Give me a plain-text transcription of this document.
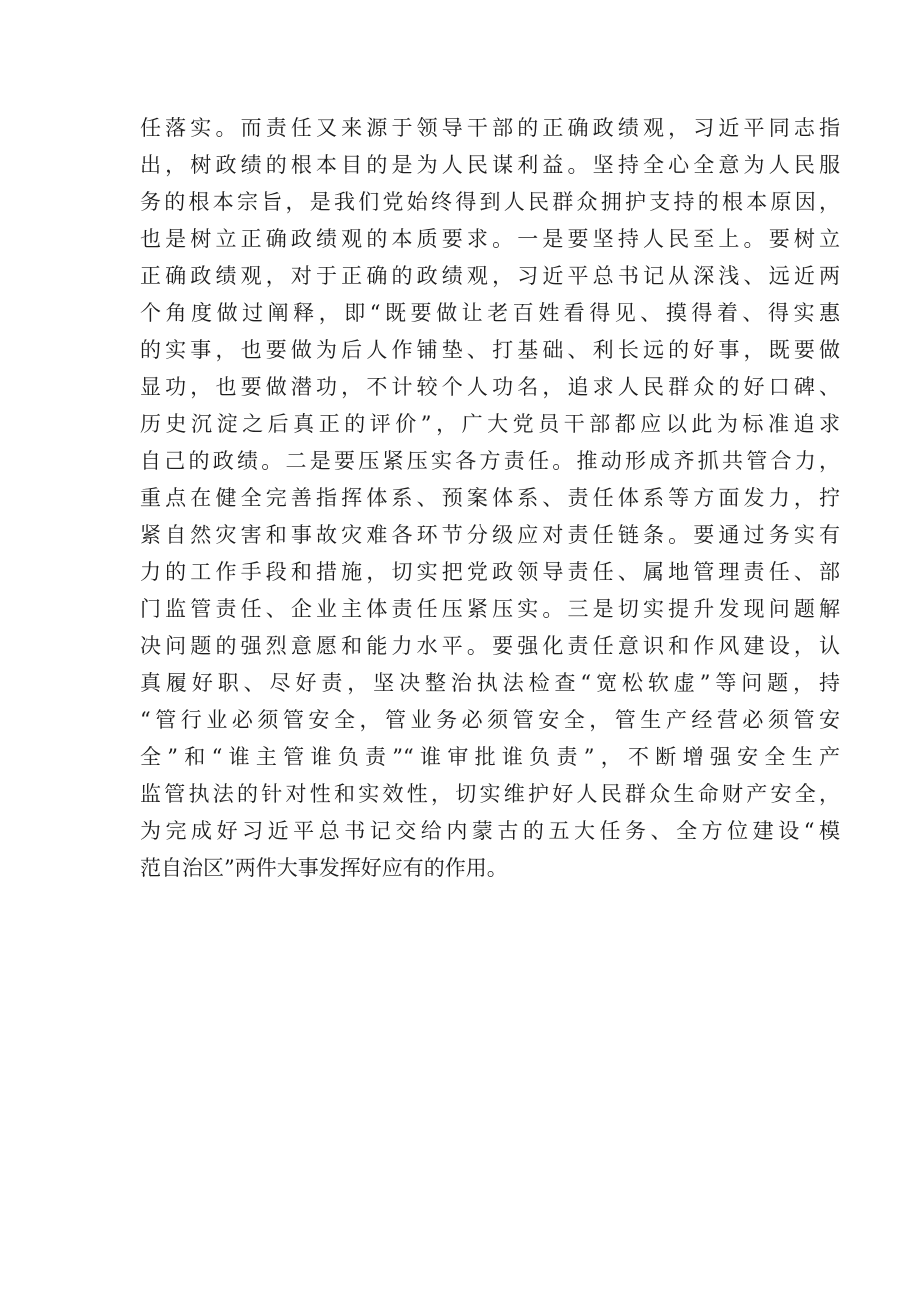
任落实。而责任又来源于领导干部的正确政绩观，习近平同志指
出，树政绩的根本目的是为人民谋利益。坚持全心全意为人民服
务的根本宗旨，是我们党始终得到人民群众拥护支持的根本原因，
也是树立正确政绩观的本质要求。一是要坚持人民至上。要树立
正确政绩观，对于正确的政绩观，习近平总书记从深浅、远近两
个角度做过阐释，即“既要做让老百姓看得见、摸得着、得实惠
的实事，也要做为后人作铺垫、打基础、利长远的好事，既要做
显功，也要做潜功，不计较个人功名，追求人民群众的好口碑、
历史沉淀之后真正的评价”，广大党员干部都应以此为标准追求
自己的政绩。二是要压紧压实各方责任。推动形成齐抓共管合力，
重点在健全完善指挥体系、预案体系、责任体系等方面发力，拧
紧自然灾害和事故灾难各环节分级应对责任链条。要通过务实有
力的工作手段和措施，切实把党政领导责任、属地管理责任、部
门监管责任、企业主体责任压紧压实。三是切实提升发现问题解
决问题的强烈意愿和能力水平。要强化责任意识和作风建设，认
真履好职、尽好责，坚决整治执法检查“宽松软虚”等问题，持
“管行业必须管安全，管业务必须管安全，管生产经营必须管安
全”和“谁主管谁负责”“谁审批谁负责”，不断增强安全生产
监管执法的针对性和实效性，切实维护好人民群众生命财产安全，
为完成好习近平总书记交给内蒙古的五大任务、全方位建设“模
范自治区”两件大事发挥好应有的作用。
